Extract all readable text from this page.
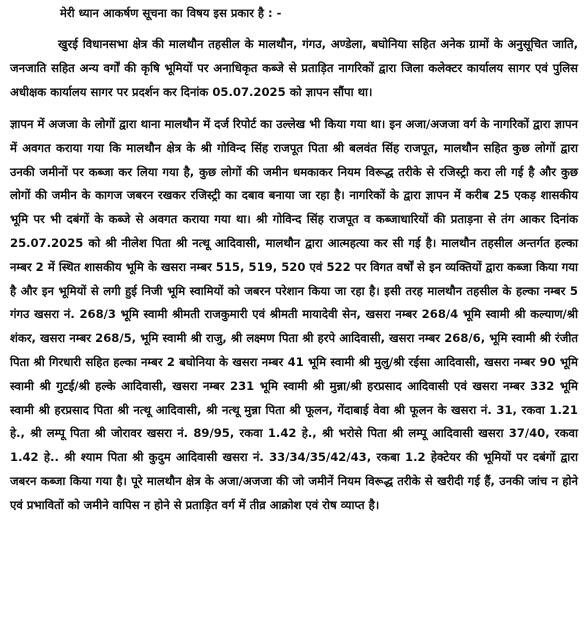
मेरी ध्यान आकर्षण सूचना का विषय इस प्रकार है : -

खुरई विधानसभा क्षेत्र की मालथौन तहसील के मालथौन, गंगउ, अण्डेला, बघोनिया सहित अनेक ग्रामों के अनुसूचित जाति, जनजाति सहित अन्य वर्गों की कृषि भूमियों पर अनाधिकृत कब्जे से प्रताड़ित नागरिकों द्वारा जिला कलेक्टर कार्यालय सागर एवं पुलिस अधीक्षक कार्यालय सागर पर प्रदर्शन कर दिनांक 05.07.2025 को ज्ञापन सौंपा था।

ज्ञापन में अजजा के लोगों द्वारा थाना मालथौन में दर्ज रिपोर्ट का उल्लेख भी किया गया था। इन अजा/अजजा वर्ग के नागरिकों द्वारा ज्ञापन में अवगत कराया गया कि मालथौन क्षेत्र के श्री गोविन्द सिंह राजपूत पिता श्री बलवंत सिंह राजपूत, मालथौन सहित कुछ लोगों द्वारा उनकी जमीनों पर कब्जा कर लिया गया है, कुछ लोगों की जमीन धमकाकर नियम विरूद्ध तरीके से रजिस्ट्री करा ली गई है और कुछ लोगों की जमीन के कागज जबरन रखकर रजिस्ट्री का दबाव बनाया जा रहा है। नागरिकों के द्वारा ज्ञापन में करीब 25 एकड़ शासकीय भूमि पर भी दबंगों के कब्जे से अवगत कराया गया था। श्री गोविन्द सिंह राजपूत व कब्जाधारियों की प्रताड़ना से तंग आकर दिनांक 25.07.2025 को श्री नीलेश पिता श्री नत्थू आदिवासी, मालथौन द्वारा आत्महत्या कर सी गई है। मालथौन तहसील अन्तर्गत हल्का नम्बर 2 में स्थित शासकीय भूमि के खसरा नम्बर 515, 519, 520 एवं 522 पर विगत वर्षों से इन व्यक्तियों द्वारा कब्जा किया गया है और इन भूमियों से लगी हुई निजी भूमि स्वामियों को जबरन परेशान किया जा रहा है। इसी तरह मालथौन तहसील के हल्का नम्बर 5 गंगउ खसरा नं. 268/3 भूमि स्वामी श्रीमती राजकुमारी एवं श्रीमती मायादेवी सेन, खसरा नम्बर 268/4 भूमि स्वामी श्री कल्याण/श्री शंकर, खसरा नम्बर 268/5, भूमि स्वामी श्री राजु, श्री लक्ष्मण पिता श्री हरपे आदिवासी, खसरा नम्बर 268/6, भूमि स्वामी श्री रंजीत पिता श्री गिरधारी सहित हल्का नम्बर 2 बघोनिया के खसरा नम्बर 41 भूमि स्वामी श्री मुलु/श्री रईसा आदिवासी, खसरा नम्बर 90 भूमि स्वामी श्री गुटई/श्री हल्के आदिवासी, खसरा नम्बर 231 भूमि स्वामी श्री मुन्ना/श्री हरप्रसाद आदिवासी एवं खसरा नम्बर 332 भूमि स्वामी श्री हरप्रसाद पिता श्री नत्थू आदिवासी, श्री नत्थू मुन्ना पिता श्री फूलन, गेंदाबाई वेवा श्री फूलन के खसरा नं. 31, रकवा 1.21 हे., श्री लम्पू पिता श्री जोरावर खसरा नं. 89/95, रकवा 1.42 हे., श्री भरोसे पिता श्री लम्पू आदिवासी खसरा 37/40, रकवा 1.42 हे.. श्री श्याम पिता श्री कुदुम आदिवासी खसरा नं. 33/34/35/42/43, रकबा 1.2 हेक्टेयर की भूमियों पर दबंगों द्वारा जबरन कब्जा किया गया है। पूरे मालथौन क्षेत्र के अजा/अजजा की जो जमीनें नियम विरूद्ध तरीके से खरीदी गई हैं, उनकी जांच न होने एवं प्रभावितों को जमीने वापिस न होने से प्रताड़ित वर्ग में तीव्र आक्रोश एवं रोष व्याप्त है।
